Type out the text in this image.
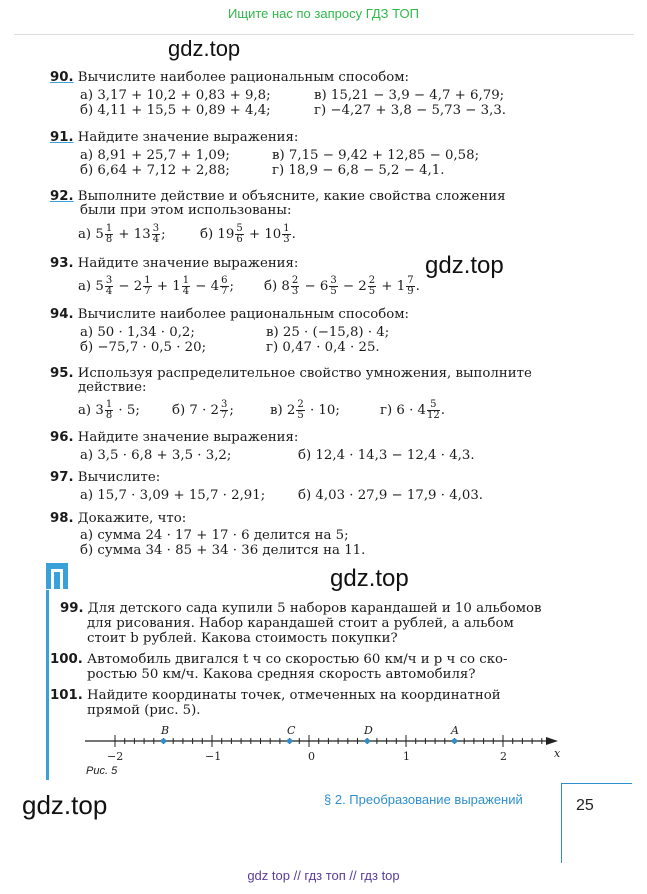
Ищите нас по запросу ГДЗ ТОП
gdz.top
gdz.top
gdz.top
gdz.top
90. Вычислите наиболее рациональным способом:
а) 3,17 + 10,2 + 0,83 + 9,8;	в) 15,21 − 3,9 − 4,7 + 6,79;
б) 4,11 + 15,5 + 0,89 + 4,4;	г) −4,27 + 3,8 − 5,73 − 3,3.
91. Найдите значение выражения:
а) 8,91 + 25,7 + 1,09;	в) 7,15 − 9,42 + 12,85 − 0,58;
б) 6,64 + 7,12 + 2,88;	г) 18,9 − 6,8 − 5,2 − 4,1.
92. Выполните действие и объясните, какие свойства сложения
были при этом использованы:
а) $5 \frac{1}{8} + 13 \frac{3}{4}$ ;	б) $19 \frac{5}{6} + 10 \frac{1}{3}$ .
93. Найдите значение выражения:
а) $5 \frac{3}{4} - 2 \frac{1}{7} + 1 \frac{1}{4} - 4 \frac{6}{7}$ ; б) $8 \frac{2}{3} - 6 \frac{3}{5} - 2 \frac{2}{5} + 1 \frac{7}{9}$ .
94. Вычислите наиболее рациональным способом:
а) 50 · 1,34 · 0,2;	в) 25 · (−15,8) · 4;
б) −75,7 · 0,5 · 20;	г) 0,47 · 0,4 · 25.
95. Используя распределительное свойство умножения, выполните
действие:
а) $3 \frac{1}{8} \cdot 5$; б) $7 \cdot 2 \frac{3}{7}$ ;	в) $2 \frac{2}{5} \cdot 10$;	г) $6 \cdot 4 \frac{5}{12}$ .
96. Найдите значение выражения:
а) 3,5 · 6,8 + 3,5 · 3,2;	б) 12,4 · 14,3 − 12,4 · 4,3.
97. Вычислите:
а) 15,7 · 3,09 + 15,7 · 2,91; б) 4,03 · 27,9 − 17,9 · 4,03.
98. Докажите, что:
а) сумма 24 · 17 + 17 · 6 делится на 5;
б) сумма 34 · 85 + 34 · 36 делится на 11.
99. Для детского сада купили 5 наборов карандашей и 10 альбомов
для рисования. Набор карандашей стоит a рублей, а альбом
стоит b рублей. Какова стоимость покупки?
100. Автомобиль двигался t ч со скоростью 60 км/ч и p ч со ско-
ростью 50 км/ч. Какова средняя скорость автомобиля?
101. Найдите координаты точек, отмеченных на координатной
прямой (рис. 5).
−2	−1	0	1	2	x
B	C	D	A
Рис. 5
§ 2. Преобразование выражений	25
gdz top // гдз топ // гдз top
